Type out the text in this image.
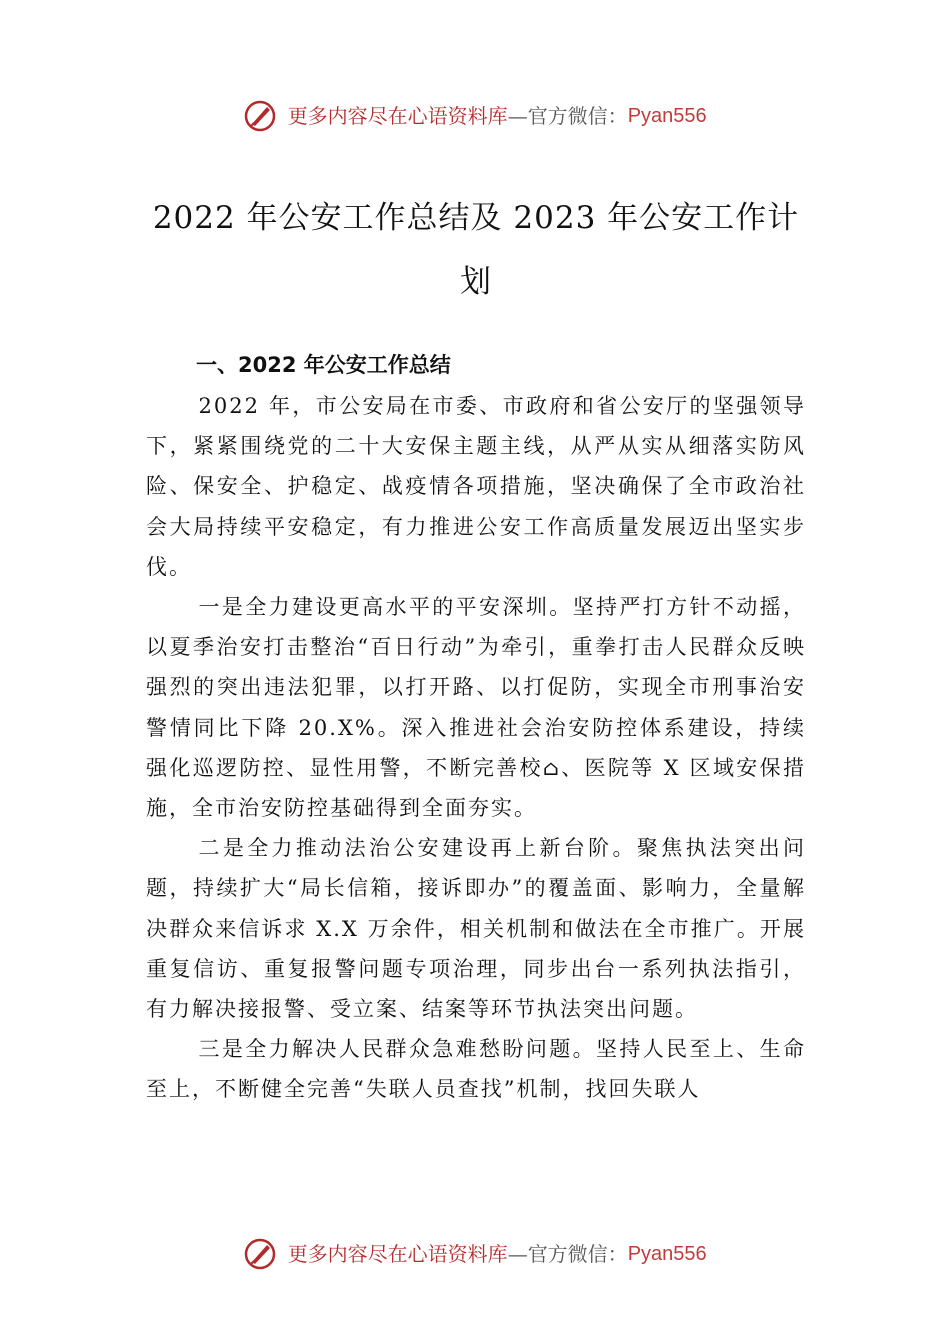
更多内容尽在心语资料库—官方微信：Pyan556
2022 年公安工作总结及 2023 年公安工作计划
一、2022 年公安工作总结

2022 年，市公安局在市委、市政府和省公安厅的坚强领导下，紧紧围绕党的二十大安保主题主线，从严从实从细落实防风险、保安全、护稳定、战疫情各项措施，坚决确保了全市政治社会大局持续平安稳定，有力推进公安工作高质量发展迈出坚实步伐。

一是全力建设更高水平的平安深圳。坚持严打方针不动摇，以夏季治安打击整治“百日行动”为牵引，重拳打击人民群众反映强烈的突出违法犯罪，以打开路、以打促防，实现全市刑事治安警情同比下降 20.X%。深入推进社会治安防控体系建设，持续强化巡逻防控、显性用警，不断完善校⌂、医院等 X 区域安保措施，全市治安防控基础得到全面夯实。

二是全力推动法治公安建设再上新台阶。聚焦执法突出问题，持续扩大“局长信箱，接诉即办”的覆盖面、影响力，全量解决群众来信诉求 X.X 万余件，相关机制和做法在全市推广。开展重复信访、重复报警问题专项治理，同步出台一系列执法指引，有力解决接报警、受立案、结案等环节执法突出问题。

三是全力解决人民群众急难愁盼问题。坚持人民至上、生命至上，不断健全完善“失联人员查找”机制，找回失联人

更多内容尽在心语资料库—官方微信：Pyan556
